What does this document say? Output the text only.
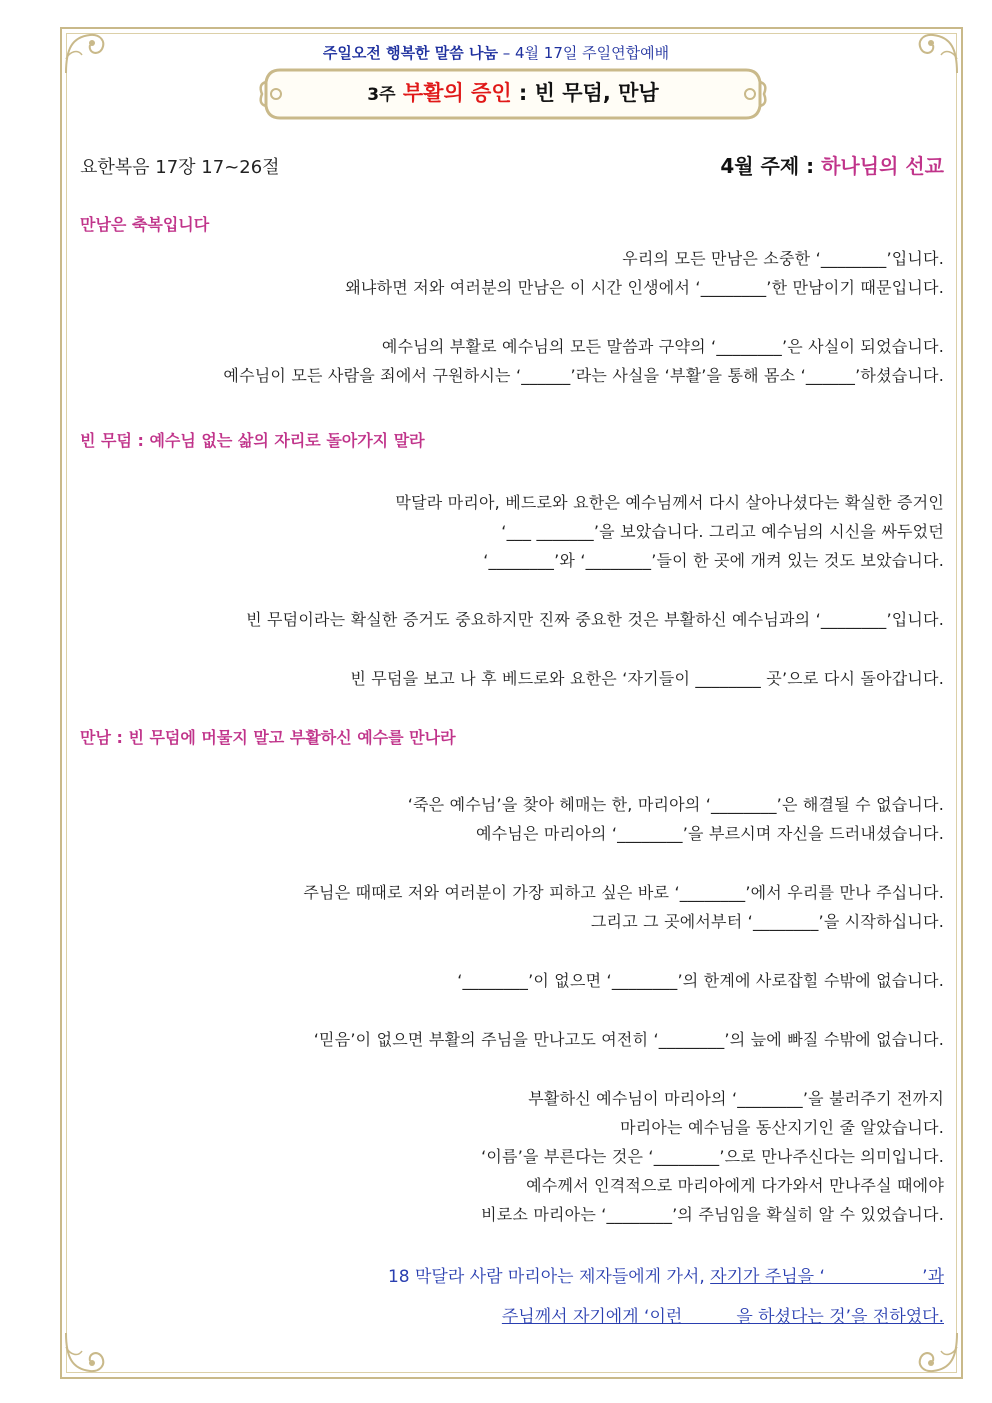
주일오전 행복한 말씀 나눔 – 4월 17일 주일연합예배
3주 부활의 증인 : 빈 무덤, 만남
요한복음 17장 17~26절	4월 주제 : 하나님의 선교
만남은 축복입니다
우리의 모든 만남은 소중한 ‘________’입니다.
왜냐하면 저와 여러분의 만남은 이 시간 인생에서 ‘________’한 만남이기 때문입니다.
예수님의 부활로 예수님의 모든 말씀과 구약의 ‘________’은 사실이 되었습니다.
예수님이 모든 사람을 죄에서 구원하시는 ‘______’라는 사실을 ‘부활’을 통해 몸소 ‘______’하셨습니다.
빈 무덤 : 예수님 없는 삶의 자리로 돌아가지 말라
막달라 마리아, 베드로와 요한은 예수님께서 다시 살아나셨다는 확실한 증거인
‘___ _______’을 보았습니다. 그리고 예수님의 시신을 싸두었던
‘________’와 ‘________’들이 한 곳에 개켜 있는 것도 보았습니다.
빈 무덤이라는 확실한 증거도 중요하지만 진짜 중요한 것은 부활하신 예수님과의 ‘________’입니다.
빈 무덤을 보고 나 후 베드로와 요한은 ‘자기들이 ________ 곳’으로 다시 돌아갑니다.
만남 : 빈 무덤에 머물지 말고 부활하신 예수를 만나라
‘죽은 예수님’을 찾아 헤매는 한, 마리아의 ‘________’은 해결될 수 없습니다.
예수님은 마리아의 ‘________’을 부르시며 자신을 드러내셨습니다.
주님은 때때로 저와 여러분이 가장 피하고 싶은 바로 ‘________’에서 우리를 만나 주십니다.
그리고 그 곳에서부터 ‘________’을 시작하십니다.
‘________’이 없으면 ‘________’의 한계에 사로잡힐 수밖에 없습니다.
‘믿음’이 없으면 부활의 주님을 만나고도 여전히 ‘________’의 늪에 빠질 수밖에 없습니다.
부활하신 예수님이 마리아의 ‘________’을 불러주기 전까지
마리아는 예수님을 동산지기인 줄 알았습니다.
‘이름’을 부른다는 것은 ‘________’으로 만나주신다는 의미입니다.
예수께서 인격적으로 마리아에게 다가와서 만나주실 때에야
비로소 마리아는 ‘________’의 주님임을 확실히 알 수 있었습니다.
18 막달라 사람 마리아는 제자들에게 가서, 자기가 주님을 ‘                  ’과
주님께서 자기에게 ‘이런          을 하셨다는 것’을 전하였다.
